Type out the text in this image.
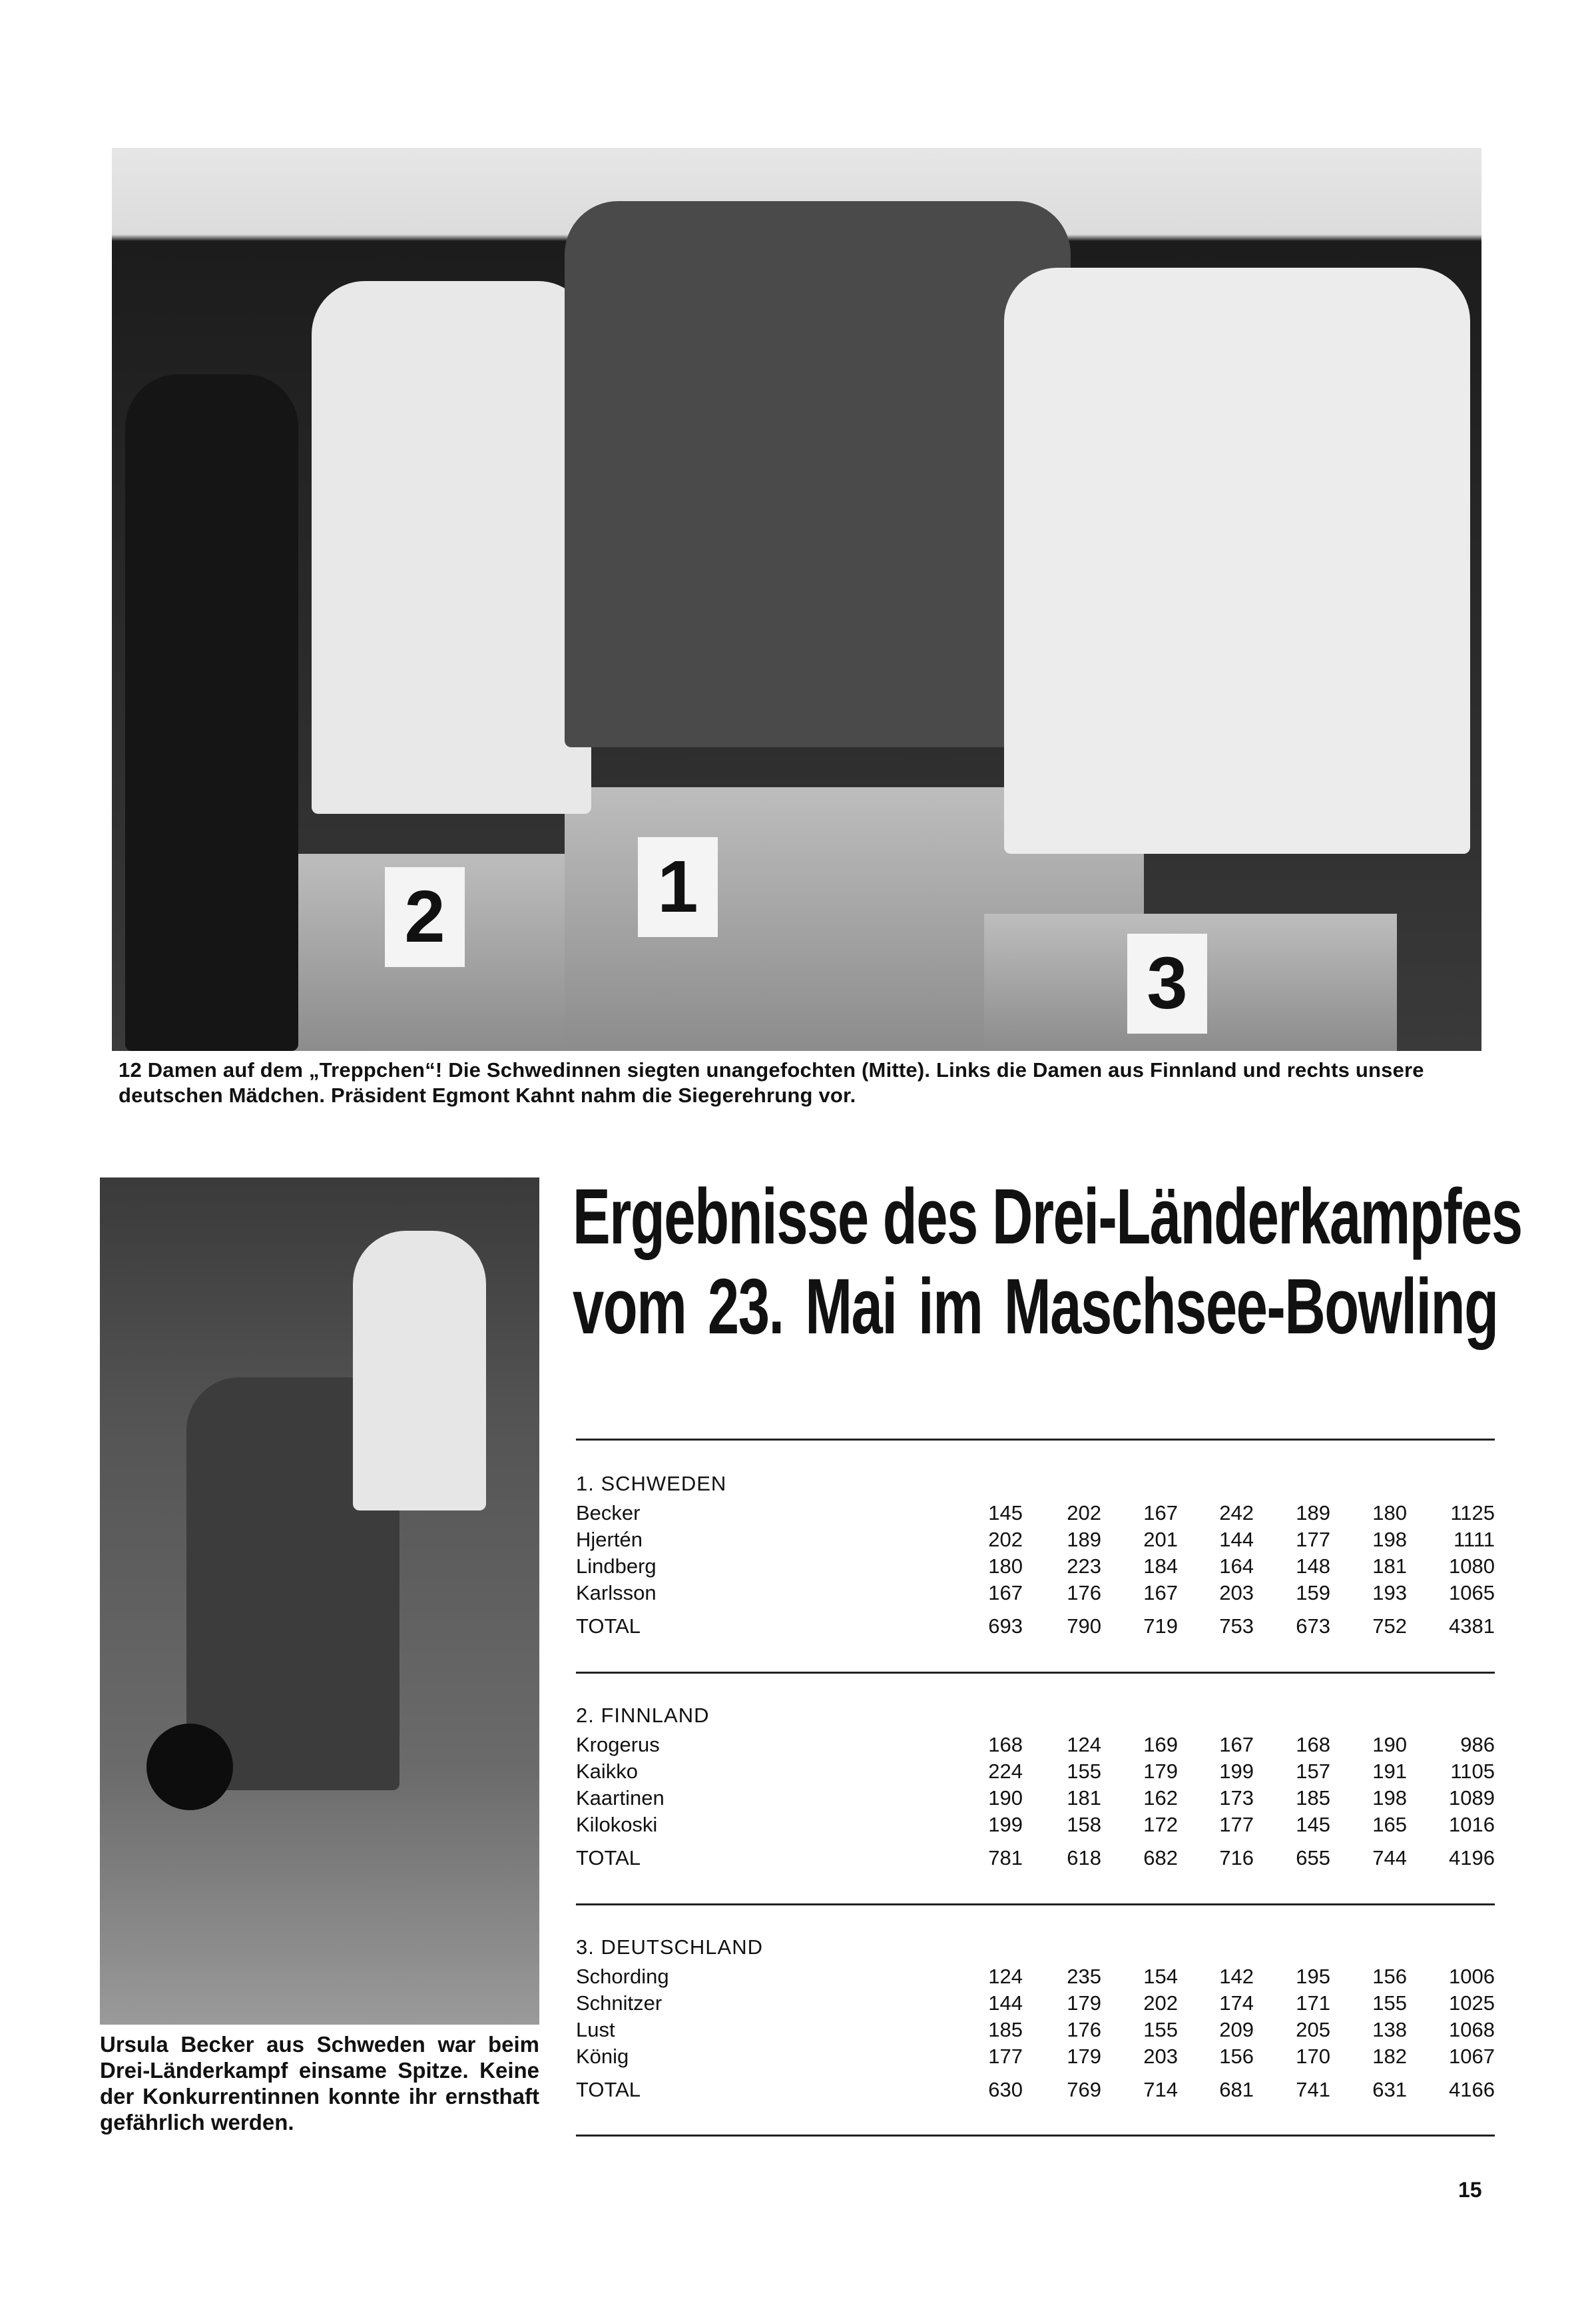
2	1
3
12 Damen auf dem „Treppchen“! Die Schwedinnen siegten unangefochten (Mitte). Links die Damen aus Finnland und rechts unsere deutschen Mädchen. Präsident Egmont Kahnt nahm die Siegerehrung vor.
Ursula Becker aus Schweden war beim Drei-Länderkampf einsame Spitze. Keine der Konkurrentinnen konnte ihr ernsthaft gefährlich werden.
Ergebnisse des Drei-Länderkampfes
vom 23. Mai im Maschsee-Bowling
1. SCHWEDEN
Becker	145	202	167	242	189	180	1125
Hjertén	202	189	201	144	177	198	1111
Lindberg	180	223	184	164	148	181	1080
Karlsson	167	176	167	203	159	193	1065
TOTAL	693	790	719	753	673	752	4381
2. FINNLAND
Krogerus	168	124	169	167	168	190	986
Kaikko	224	155	179	199	157	191	1105
Kaartinen	190	181	162	173	185	198	1089
Kilokoski	199	158	172	177	145	165	1016
TOTAL	781	618	682	716	655	744	4196
3. DEUTSCHLAND
Schording	124	235	154	142	195	156	1006
Schnitzer	144	179	202	174	171	155	1025
Lust	185	176	155	209	205	138	1068
König	177	179	203	156	170	182	1067
TOTAL	630	769	714	681	741	631	4166
15
